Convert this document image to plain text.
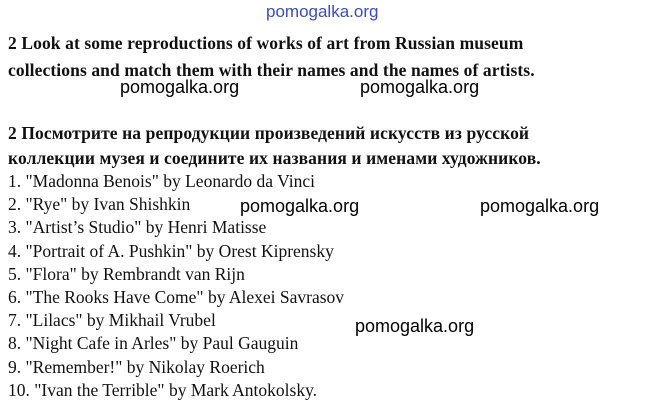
pomogalka.org
2 Look at some reproductions of works of art from Russian museum
collections and match them with their names and the names of artists.
pomogalka.org	pomogalka.org
2 Посмотрите на репродукции произведений искусств из русской
коллекции музея и соедините их названия и именами художников.
1. "Madonna Benois" by Leonardo da Vinci
2. "Rye" by Ivan Shishkin
3. "Artist’s Studio" by Henri Matisse
4. "Portrait of A. Pushkin" by Orest Kiprensky
5. "Flora" by Rembrandt van Rijn
6. "The Rooks Have Come" by Alexei Savrasov
7. "Lilacs" by Mikhail Vrubel
8. "Night Cafe in Arles" by Paul Gauguin
9. "Remember!" by Nikolay Roerich
10. "Ivan the Terrible" by Mark Antokolsky.
pomogalka.org	pomogalka.org
pomogalka.org
